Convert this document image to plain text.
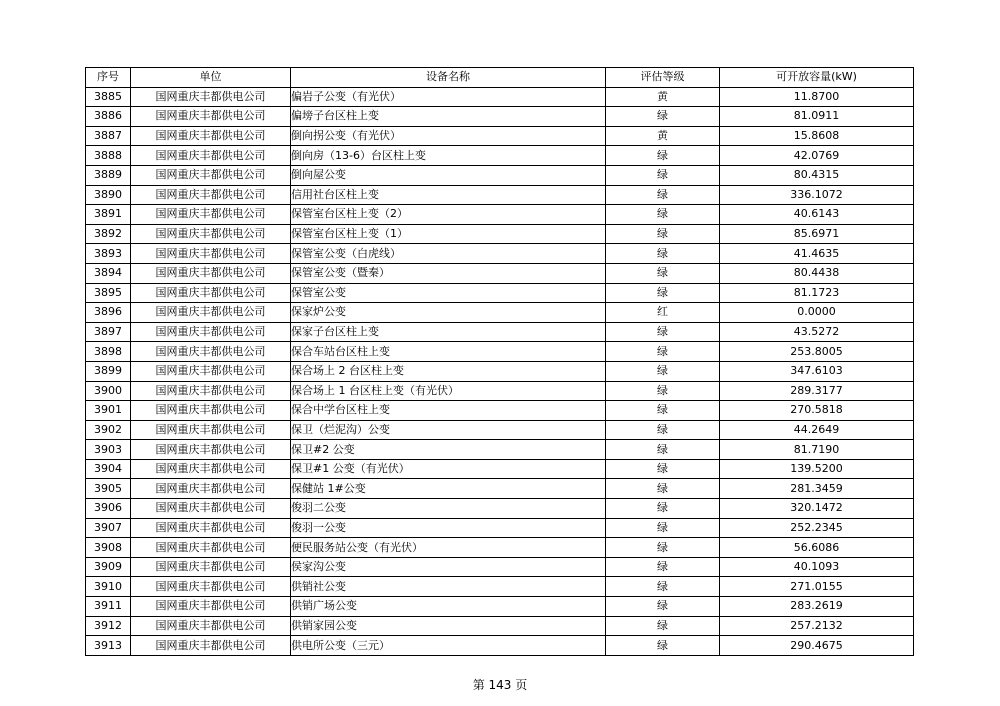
序号	单位	设备名称	评估等级	可开放容量(kW)
3885	国网重庆丰都供电公司	偏岩子公变（有光伏）	黄	11.8700
3886	国网重庆丰都供电公司	偏塝子台区柱上变	绿	81.0911
3887	国网重庆丰都供电公司	倒向拐公变（有光伏）	黄	15.8608
3888	国网重庆丰都供电公司	倒向房（13-6）台区柱上变	绿	42.0769
3889	国网重庆丰都供电公司	倒向屋公变	绿	80.4315
3890	国网重庆丰都供电公司	信用社台区柱上变	绿	336.1072
3891	国网重庆丰都供电公司	保管室台区柱上变（2）	绿	40.6143
3892	国网重庆丰都供电公司	保管室台区柱上变（1）	绿	85.6971
3893	国网重庆丰都供电公司	保管室公变（白虎线）	绿	41.4635
3894	国网重庆丰都供电公司	保管室公变（暨秦）	绿	80.4438
3895	国网重庆丰都供电公司	保管室公变	绿	81.1723
3896	国网重庆丰都供电公司	保家炉公变	红	0.0000
3897	国网重庆丰都供电公司	保家子台区柱上变	绿	43.5272
3898	国网重庆丰都供电公司	保合车站台区柱上变	绿	253.8005
3899	国网重庆丰都供电公司	保合场上 2 台区柱上变	绿	347.6103
3900	国网重庆丰都供电公司	保合场上 1 台区柱上变（有光伏）	绿	289.3177
3901	国网重庆丰都供电公司	保合中学台区柱上变	绿	270.5818
3902	国网重庆丰都供电公司	保卫（烂泥沟）公变	绿	44.2649
3903	国网重庆丰都供电公司	保卫#2 公变	绿	81.7190
3904	国网重庆丰都供电公司	保卫#1 公变（有光伏）	绿	139.5200
3905	国网重庆丰都供电公司	保健站 1#公变	绿	281.3459
3906	国网重庆丰都供电公司	俊羽二公变	绿	320.1472
3907	国网重庆丰都供电公司	俊羽一公变	绿	252.2345
3908	国网重庆丰都供电公司	便民服务站公变（有光伏）	绿	56.6086
3909	国网重庆丰都供电公司	侯家沟公变	绿	40.1093
3910	国网重庆丰都供电公司	供销社公变	绿	271.0155
3911	国网重庆丰都供电公司	供销广场公变	绿	283.2619
3912	国网重庆丰都供电公司	供销家园公变	绿	257.2132
3913	国网重庆丰都供电公司	供电所公变（三元）	绿	290.4675
第 143 页
